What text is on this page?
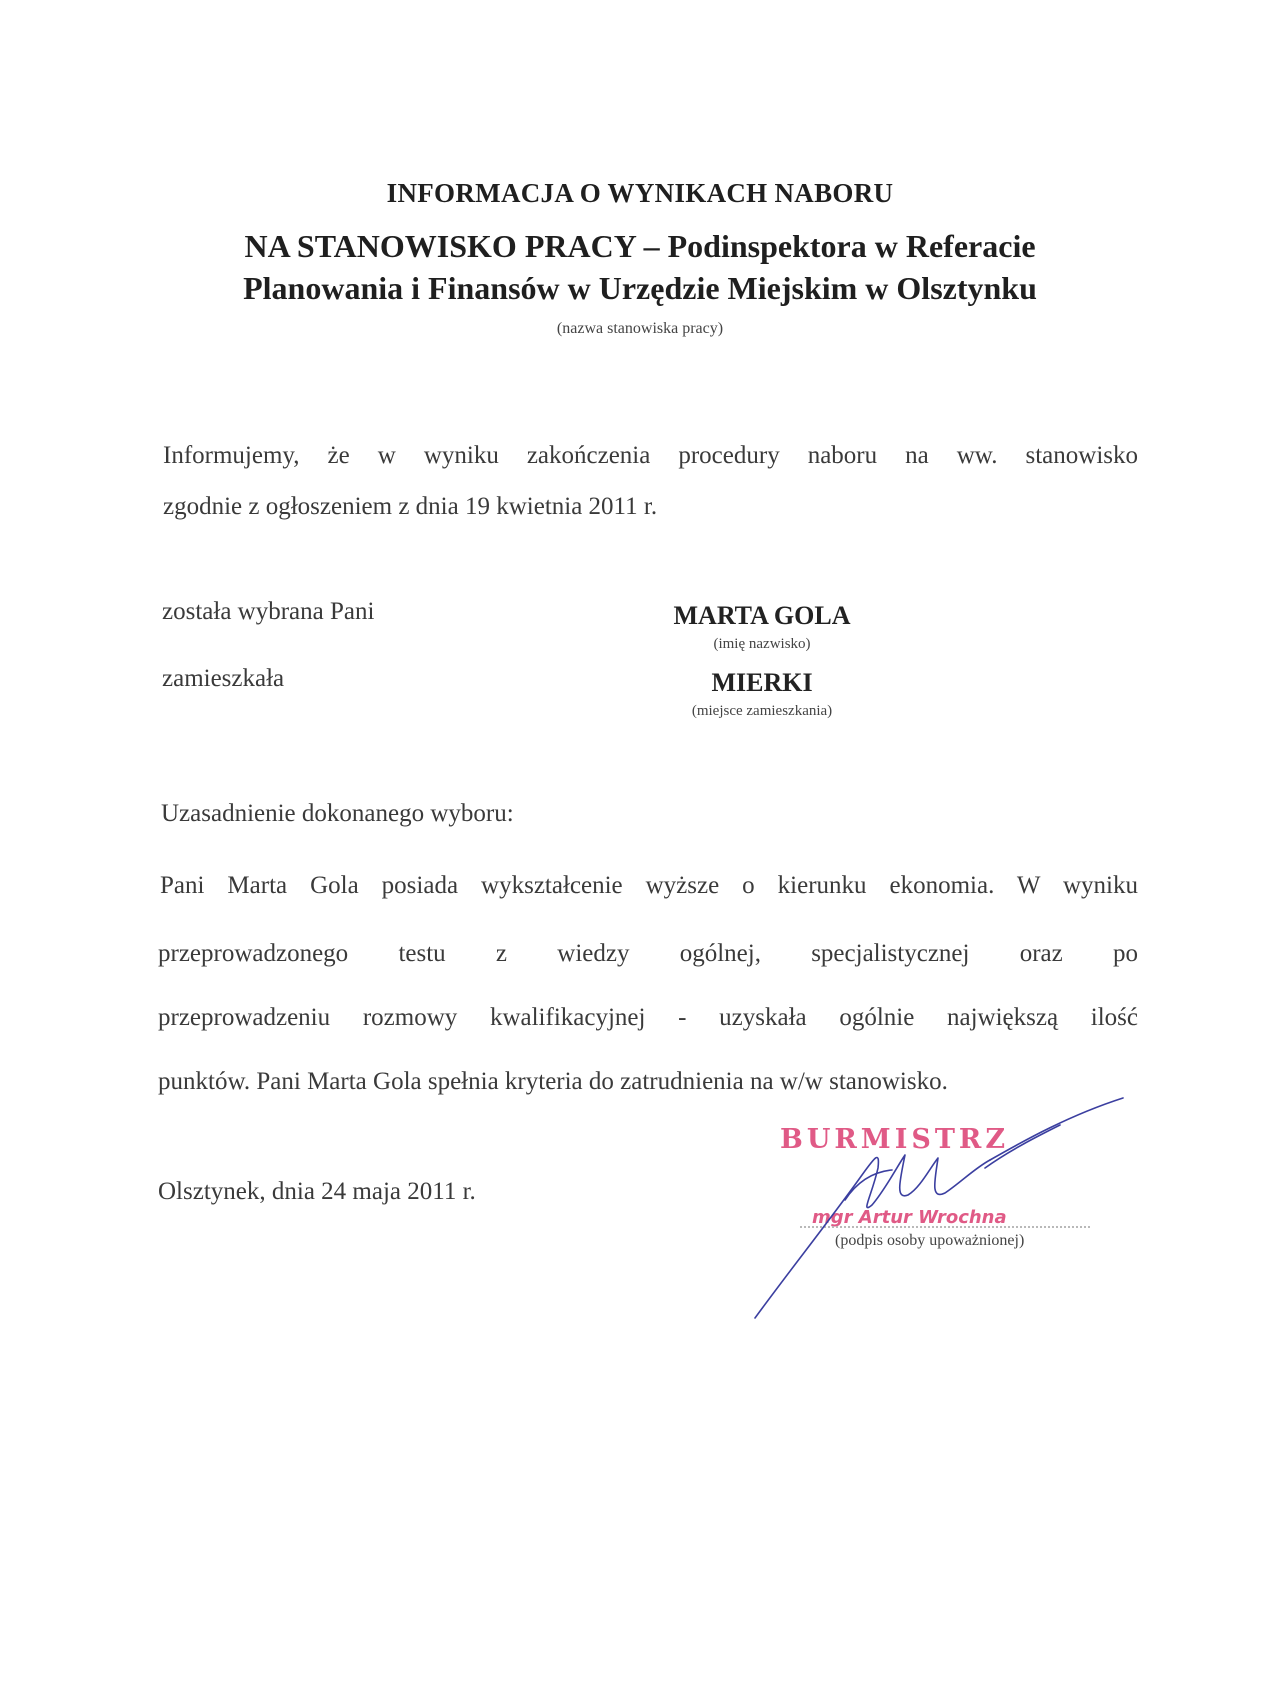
INFORMACJA O WYNIKACH NABORU
NA STANOWISKO PRACY – Podinspektora w Referacie
Planowania i Finansów w Urzędzie Miejskim w Olsztynku
(nazwa stanowiska pracy)
Informujemy, że w wyniku zakończenia procedury naboru na ww. stanowisko
zgodnie z ogłoszeniem z dnia 19 kwietnia 2011 r.
została wybrana Pani	MARTA GOLA
(imię nazwisko)
zamieszkała	MIERKI
(miejsce zamieszkania)
Uzasadnienie dokonanego wyboru:
Pani Marta Gola posiada wykształcenie wyższe o kierunku ekonomia. W wyniku
przeprowadzonego testu z wiedzy ogólnej, specjalistycznej oraz po
przeprowadzeniu rozmowy kwalifikacyjnej - uzyskała ogólnie największą ilość
punktów. Pani Marta Gola spełnia kryteria do zatrudnienia na w/w stanowisko.
Olsztynek, dnia 24 maja 2011 r.
BURMISTRZ
mgr Artur Wrochna
(podpis osoby upoważnionej)
